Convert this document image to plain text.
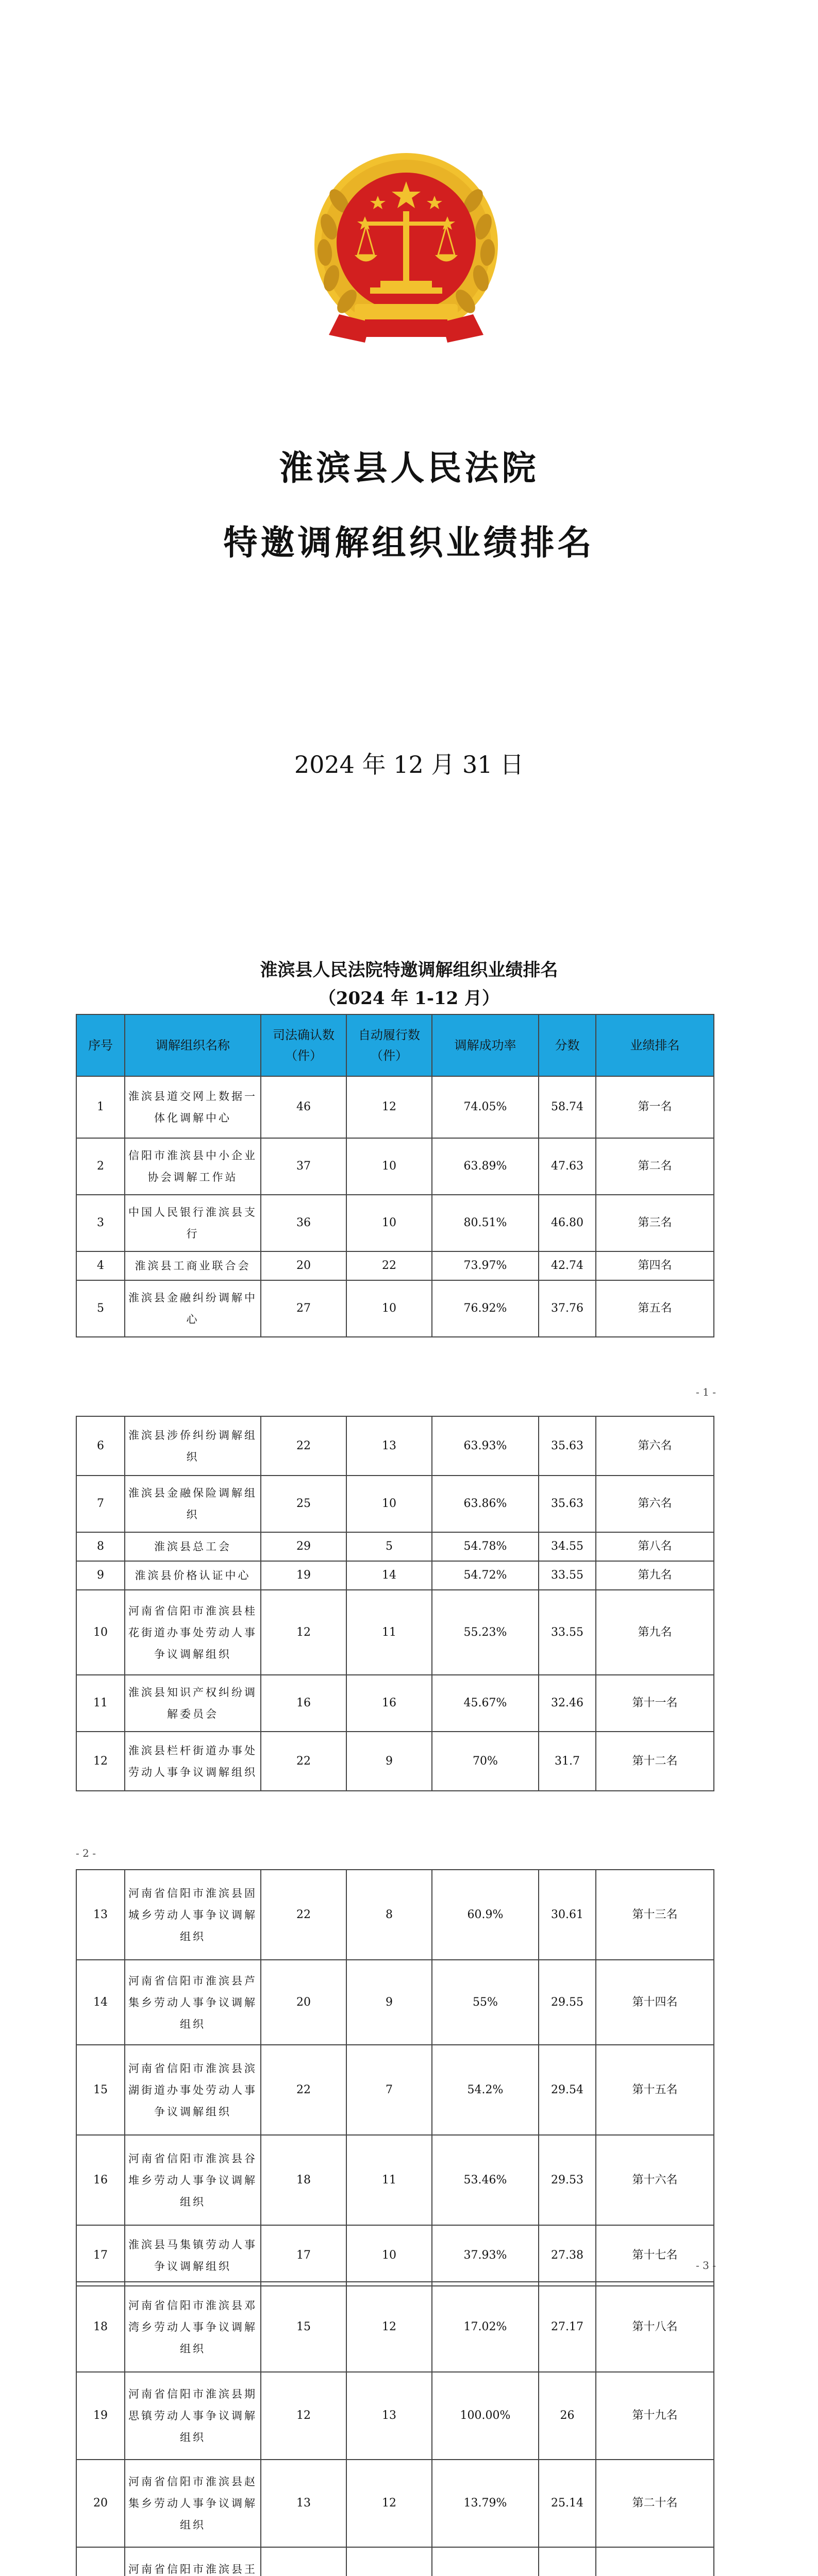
淮滨县人民法院
特邀调解组织业绩排名
2024 年 12 月 31 日
淮滨县人民法院特邀调解组织业绩排名
（2024 年 1-12 月）
序号	调解组织名称	司法确认数（件）	自动履行数（件）	调解成功率	分数	业绩排名
1	淮滨县道交网上数据一体化调解中心	46	12	74.05%	58.74	第一名
2	信阳市淮滨县中小企业协会调解工作站	37	10	63.89%	47.63	第二名
3	中国人民银行淮滨县支行	36	10	80.51%	46.80	第三名
4	淮滨县工商业联合会	20	22	73.97%	42.74	第四名
5	淮滨县金融纠纷调解中心	27	10	76.92%	37.76	第五名
- 1 -
6	淮滨县涉侨纠纷调解组织	22	13	63.93%	35.63	第六名
7	淮滨县金融保险调解组织	25	10	63.86%	35.63	第六名
8	淮滨县总工会	29	5	54.78%	34.55	第八名
9	淮滨县价格认证中心	19	14	54.72%	33.55	第九名
10	河南省信阳市淮滨县桂花街道办事处劳动人事争议调解组织	12	11	55.23%	33.55	第九名
11	淮滨县知识产权纠纷调解委员会	16	16	45.67%	32.46	第十一名
12	淮滨县栏杆街道办事处劳动人事争议调解组织	22	9	70%	31.7	第十二名
- 2 -
13	河南省信阳市淮滨县固城乡劳动人事争议调解组织	22	8	60.9%	30.61	第十三名
14	河南省信阳市淮滨县芦集乡劳动人事争议调解组织	20	9	55%	29.55	第十四名
15	河南省信阳市淮滨县滨湖街道办事处劳动人事争议调解组织	22	7	54.2%	29.54	第十五名
16	河南省信阳市淮滨县谷堆乡劳动人事争议调解组织	18	11	53.46%	29.53	第十六名
17	淮滨县马集镇劳动人事争议调解组织	17	10	37.93%	27.38	第十七名
- 3 -
18	河南省信阳市淮滨县邓湾乡劳动人事争议调解组织	15	12	17.02%	27.17	第十八名
19	河南省信阳市淮滨县期思镇劳动人事争议调解组织	12	13	100.00%	26	第十九名
20	河南省信阳市淮滨县赵集乡劳动人事争议调解组织	13	12	13.79%	25.14	第二十名
	河南省信阳市淮滨县王					
